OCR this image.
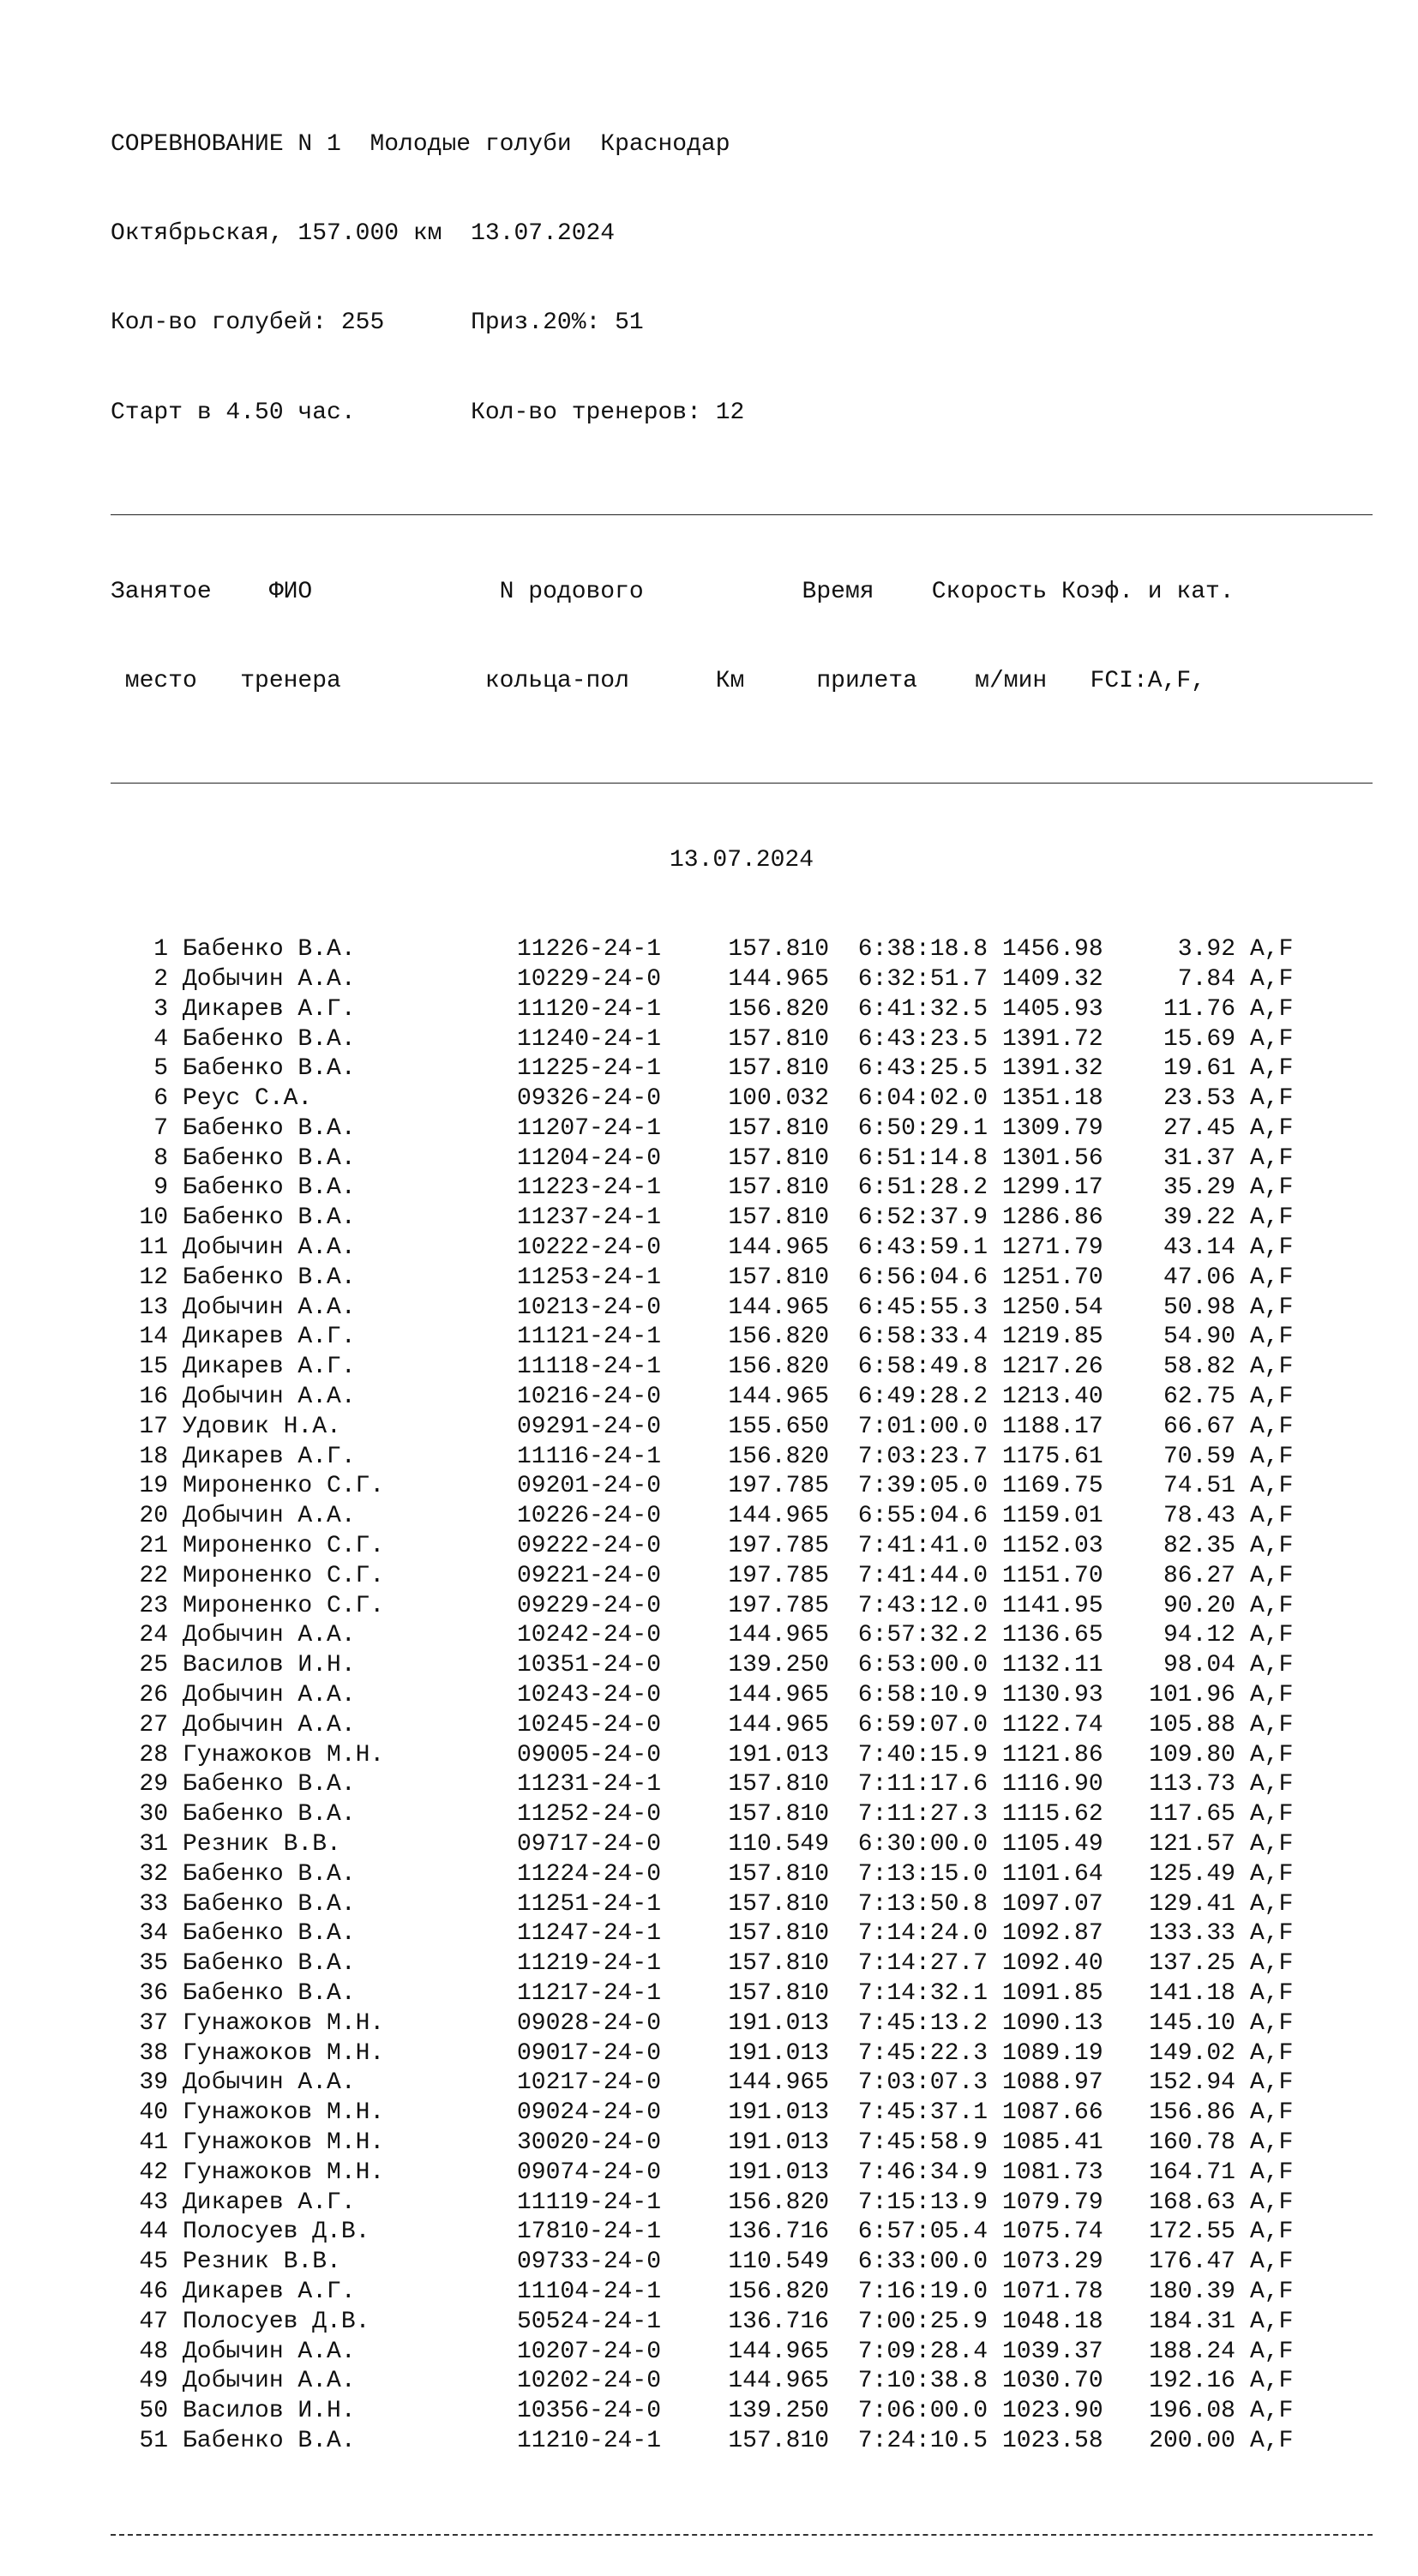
СОРЕВНОВАНИЕ N 1  Молодые голуби  Краснодар

Октябрьская, 157.000 км  13.07.2024

Кол-во голубей: 255      Приз.20%: 51

Старт в 4.50 час.        Кол-во тренеров: 12

Занятое    ФИО             N родового           Время    Скорость Коэф. и кат.

место   тренера          кольца-пол      Км     прилета    м/мин   FCI:A,F,

13.07.2024

1 Бабенко В.А.	11226-24-1	157.810	6:38:18.8 1456.98	3.92 A,F
2 Добычин А.А.	10229-24-0	144.965	6:32:51.7 1409.32	7.84 A,F
3 Дикарев А.Г.	11120-24-1	156.820	6:41:32.5 1405.93	11.76 A,F
4 Бабенко В.А.	11240-24-1	157.810	6:43:23.5 1391.72	15.69 A,F
5 Бабенко В.А.	11225-24-1	157.810	6:43:25.5 1391.32	19.61 A,F
6 Реус С.А.	09326-24-0	100.032	6:04:02.0 1351.18	23.53 A,F
7 Бабенко В.А.	11207-24-1	157.810	6:50:29.1 1309.79	27.45 A,F
8 Бабенко В.А.	11204-24-0	157.810	6:51:14.8 1301.56	31.37 A,F
9 Бабенко В.А.	11223-24-1	157.810	6:51:28.2 1299.17	35.29 A,F
10 Бабенко В.А.	11237-24-1	157.810	6:52:37.9 1286.86	39.22 A,F
11 Добычин А.А.	10222-24-0	144.965	6:43:59.1 1271.79	43.14 A,F
12 Бабенко В.А.	11253-24-1	157.810	6:56:04.6 1251.70	47.06 A,F
13 Добычин А.А.	10213-24-0	144.965	6:45:55.3 1250.54	50.98 A,F
14 Дикарев А.Г.	11121-24-1	156.820	6:58:33.4 1219.85	54.90 A,F
15 Дикарев А.Г.	11118-24-1	156.820	6:58:49.8 1217.26	58.82 A,F
16 Добычин А.А.	10216-24-0	144.965	6:49:28.2 1213.40	62.75 A,F
17 Удовик Н.А.	09291-24-0	155.650	7:01:00.0 1188.17	66.67 A,F
18 Дикарев А.Г.	11116-24-1	156.820	7:03:23.7 1175.61	70.59 A,F
19 Мироненко С.Г.	09201-24-0	197.785	7:39:05.0 1169.75	74.51 A,F
20 Добычин А.А.	10226-24-0	144.965	6:55:04.6 1159.01	78.43 A,F
21 Мироненко С.Г.	09222-24-0	197.785	7:41:41.0 1152.03	82.35 A,F
22 Мироненко С.Г.	09221-24-0	197.785	7:41:44.0 1151.70	86.27 A,F
23 Мироненко С.Г.	09229-24-0	197.785	7:43:12.0 1141.95	90.20 A,F
24 Добычин А.А.	10242-24-0	144.965	6:57:32.2 1136.65	94.12 A,F
25 Василов И.Н.	10351-24-0	139.250	6:53:00.0 1132.11	98.04 A,F
26 Добычин А.А.	10243-24-0	144.965	6:58:10.9 1130.93	101.96 A,F
27 Добычин А.А.	10245-24-0	144.965	6:59:07.0 1122.74	105.88 A,F
28 Гунажоков М.Н.	09005-24-0	191.013	7:40:15.9 1121.86	109.80 A,F
29 Бабенко В.А.	11231-24-1	157.810	7:11:17.6 1116.90	113.73 A,F
30 Бабенко В.А.	11252-24-0	157.810	7:11:27.3 1115.62	117.65 A,F
31 Резник В.В.	09717-24-0	110.549	6:30:00.0 1105.49	121.57 A,F
32 Бабенко В.А.	11224-24-0	157.810	7:13:15.0 1101.64	125.49 A,F
33 Бабенко В.А.	11251-24-1	157.810	7:13:50.8 1097.07	129.41 A,F
34 Бабенко В.А.	11247-24-1	157.810	7:14:24.0 1092.87	133.33 A,F
35 Бабенко В.А.	11219-24-1	157.810	7:14:27.7 1092.40	137.25 A,F
36 Бабенко В.А.	11217-24-1	157.810	7:14:32.1 1091.85	141.18 A,F
37 Гунажоков М.Н.	09028-24-0	191.013	7:45:13.2 1090.13	145.10 A,F
38 Гунажоков М.Н.	09017-24-0	191.013	7:45:22.3 1089.19	149.02 A,F
39 Добычин А.А.	10217-24-0	144.965	7:03:07.3 1088.97	152.94 A,F
40 Гунажоков М.Н.	09024-24-0	191.013	7:45:37.1 1087.66	156.86 A,F
41 Гунажоков М.Н.	30020-24-0	191.013	7:45:58.9 1085.41	160.78 A,F
42 Гунажоков М.Н.	09074-24-0	191.013	7:46:34.9 1081.73	164.71 A,F
43 Дикарев А.Г.	11119-24-1	156.820	7:15:13.9 1079.79	168.63 A,F
44 Полосуев Д.В.	17810-24-1	136.716	6:57:05.4 1075.74	172.55 A,F
45 Резник В.В.	09733-24-0	110.549	6:33:00.0 1073.29	176.47 A,F
46 Дикарев А.Г.	11104-24-1	156.820	7:16:19.0 1071.78	180.39 A,F
47 Полосуев Д.В.	50524-24-1	136.716	7:00:25.9 1048.18	184.31 A,F
48 Добычин А.А.	10207-24-0	144.965	7:09:28.4 1039.37	188.24 A,F
49 Добычин А.А.	10202-24-0	144.965	7:10:38.8 1030.70	192.16 A,F
50 Василов И.Н.	10356-24-0	139.250	7:06:00.0 1023.90	196.08 A,F
51 Бабенко В.А.	11210-24-1	157.810	7:24:10.5 1023.58	200.00 A,F
